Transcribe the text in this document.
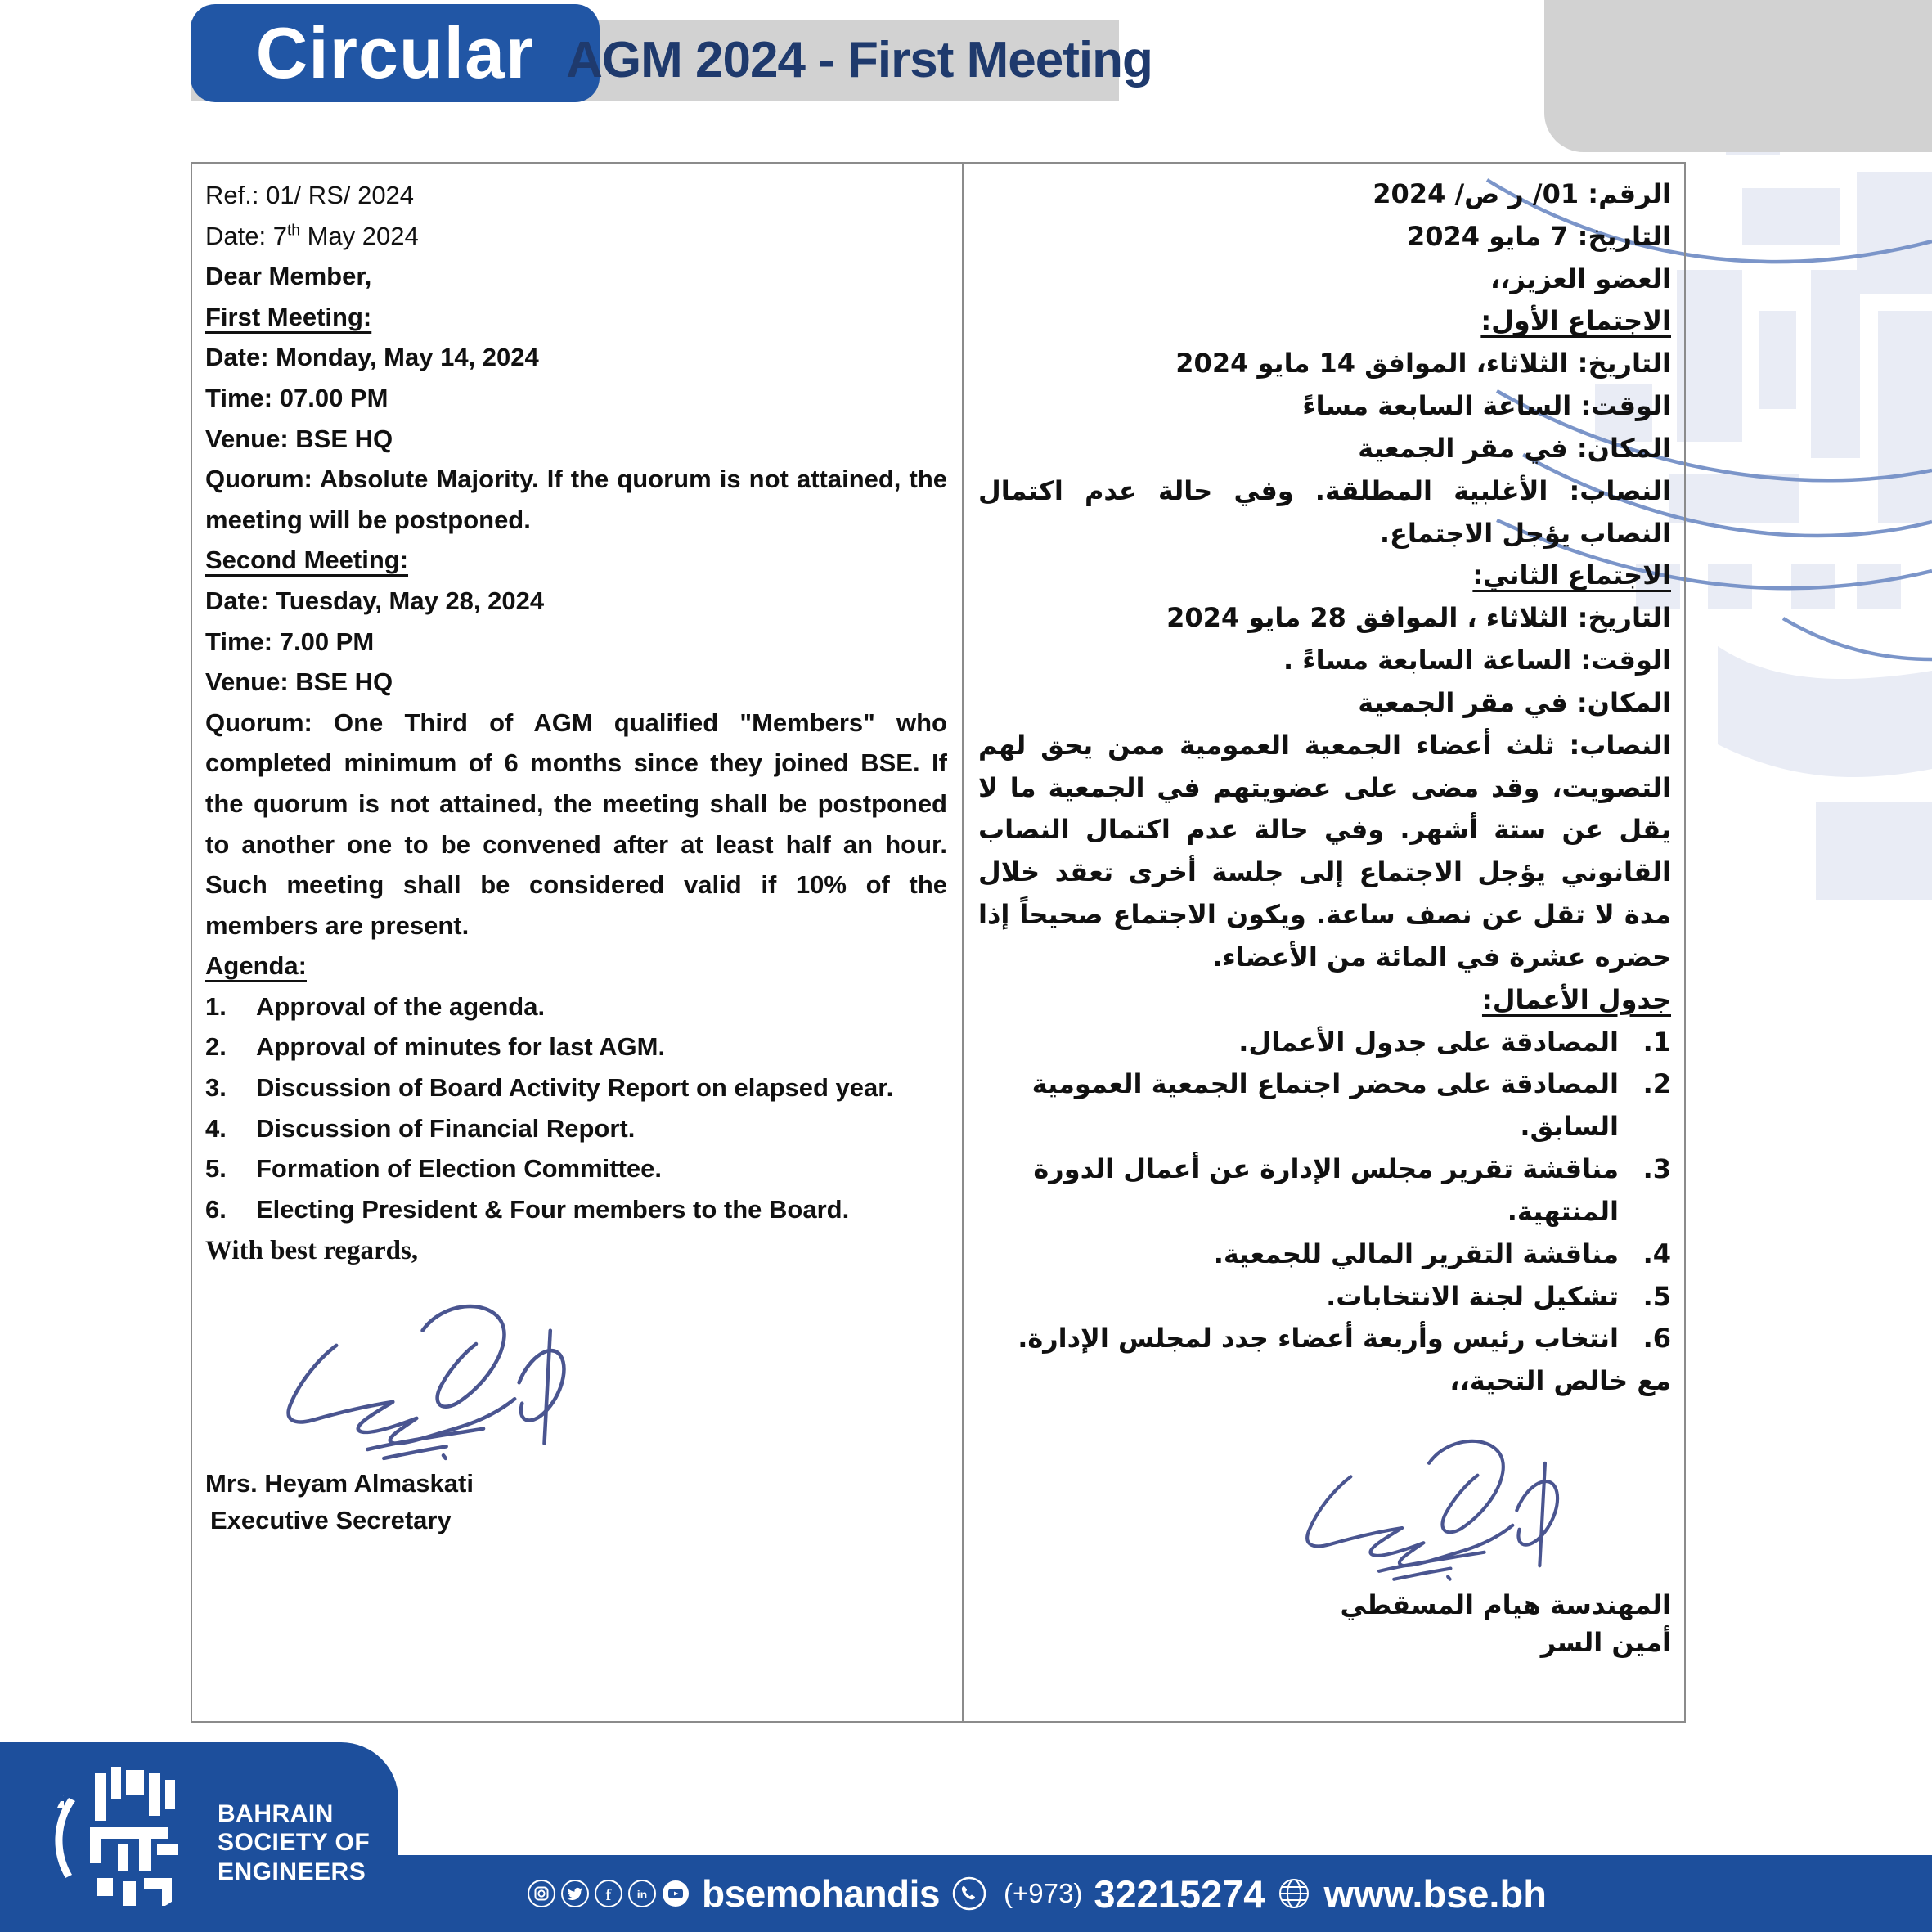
Circular AGM 2024 - First Meeting

Ref.: 01/ RS/ 2024

Date: 7th May 2024

Dear Member,

First Meeting:

Date: Monday, May 14, 2024

Time: 07.00 PM

Venue: BSE HQ

Quorum: Absolute Majority. If the quorum is not attained, the meeting will be postponed.

Second Meeting:

Date: Tuesday, May 28, 2024

Time: 7.00 PM

Venue: BSE HQ

Quorum: One Third of AGM qualified "Members" who completed minimum of 6 months since they joined BSE. If the quorum is not attained, the meeting shall be postponed to another one to be convened after at least half an hour. Such meeting shall be considered valid if 10% of the members are present.

Agenda:

1.	Approval of the agenda.
2.	Approval of minutes for last AGM.
3.	Discussion of Board Activity Report on elapsed year.
4.	Discussion of Financial Report.
5.	Formation of Election Committee.
6.	Electing President & Four members to the Board.

With best regards,

Mrs. Heyam Almaskati

Executive Secretary

الرقم: 01/ ر ص/ 2024

التاريخ: 7 مايو 2024

العضو العزيز،،

الاجتماع الأول:

التاريخ: الثلاثاء، الموافق 14 مايو 2024

الوقت: الساعة السابعة مساءً

المكان: في مقر الجمعية

النصاب: الأغلبية المطلقة. وفي حالة عدم اكتمال النصاب يؤجل الاجتماع.

الاجتماع الثاني:

التاريخ: الثلاثاء ، الموافق 28 مايو 2024

الوقت: الساعة السابعة مساءً .

المكان: في مقر الجمعية

النصاب: ثلث أعضاء الجمعية العمومية ممن يحق لهم التصويت، وقد مضى على عضويتهم في الجمعية ما لا يقل عن ستة أشهر. وفي حالة عدم اكتمال النصاب القانوني يؤجل الاجتماع إلى جلسة أخرى تعقد خلال مدة لا تقل عن نصف ساعة. ويكون الاجتماع صحيحاً إذا حضره عشرة في المائة من الأعضاء.

جدول الأعمال:

1.
المصادقة على جدول الأعمال.
2.
المصادقة على محضر اجتماع الجمعية العمومية السابق.
3.
مناقشة تقرير مجلس الإدارة عن أعمال الدورة المنتهية.
4.
مناقشة التقرير المالي للجمعية.
5.
تشكيل لجنة الانتخابات.
6.
انتخاب رئيس وأربعة أعضاء جدد لمجلس الإدارة.

مع خالص التحية،،

المهندسة هيام المسقطي

أمين السر

BAHRAIN
SOCIETY OF
ENGINEERS
f in bsemohandis (+973) 32215274 www.bse.bh
